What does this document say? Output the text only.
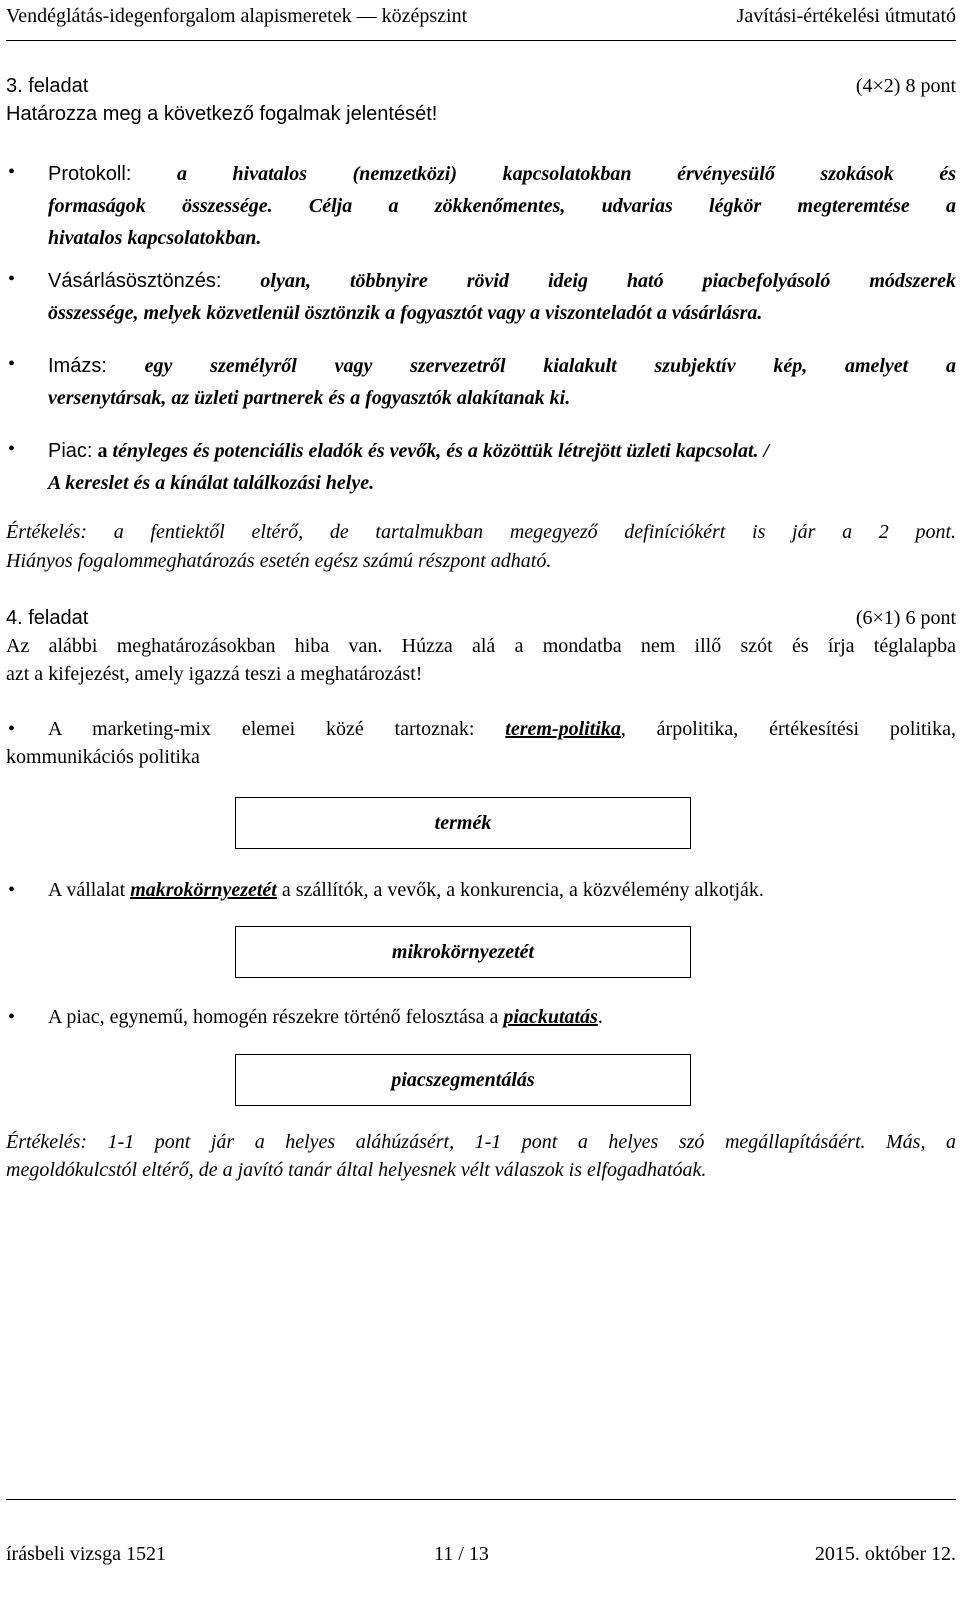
Vendéglátás-idegenforgalom alapismeretek — középszint	Javítási-értékelési útmutató
3. feladat	(4×2) 8 pont
Határozza meg a következő fogalmak jelentését!
• Protokoll: a hivatalos (nemzetközi) kapcsolatokban érvényesülő szokások és

formaságok összessége. Célja a zökkenőmentes, udvarias légkör megteremtése a

hivatalos kapcsolatokban.

• Vásárlásösztönzés: olyan, többnyire rövid ideig ható piacbefolyásoló módszerek

összessége, melyek közvetlenül ösztönzik a fogyasztót vagy a viszonteladót a vásárlásra.

• Imázs: egy személyről vagy szervezetről kialakult szubjektív kép, amelyet a

versenytársak, az üzleti partnerek és a fogyasztók alakítanak ki.

• Piac: a tényleges és potenciális eladók és vevők, és a közöttük létrejött üzleti kapcsolat. /

A kereslet és a kínálat találkozási helye.

Értékelés: a fentiektől eltérő, de tartalmukban megegyező definíciókért is jár a 2 pont.
Hiányos fogalommeghatározás esetén egész számú részpont adható.
4. feladat	(6×1) 6 pont
Az alábbi meghatározásokban hiba van. Húzza alá a mondatba nem illő szót és írja téglalapba
azt a kifejezést, amely igazzá teszi a meghatározást!
• A marketing-mix elemei közé tartoznak: terem-politika, árpolitika, értékesítési politika,

kommunikációs politika
termék
• A vállalat makrokörnyezetét a szállítók, a vevők, a konkurencia, a közvélemény alkotják.

mikrokörnyezetét
• A piac, egynemű, homogén részekre történő felosztása a piackutatás.

piacszegmentálás
Értékelés: 1-1 pont jár a helyes aláhúzásért, 1-1 pont a helyes szó megállapításáért. Más, a
megoldókulcstól eltérő, de a javító tanár által helyesnek vélt válaszok is elfogadhatóak.
írásbeli vizsga 1521	11 / 13	2015. október 12.
